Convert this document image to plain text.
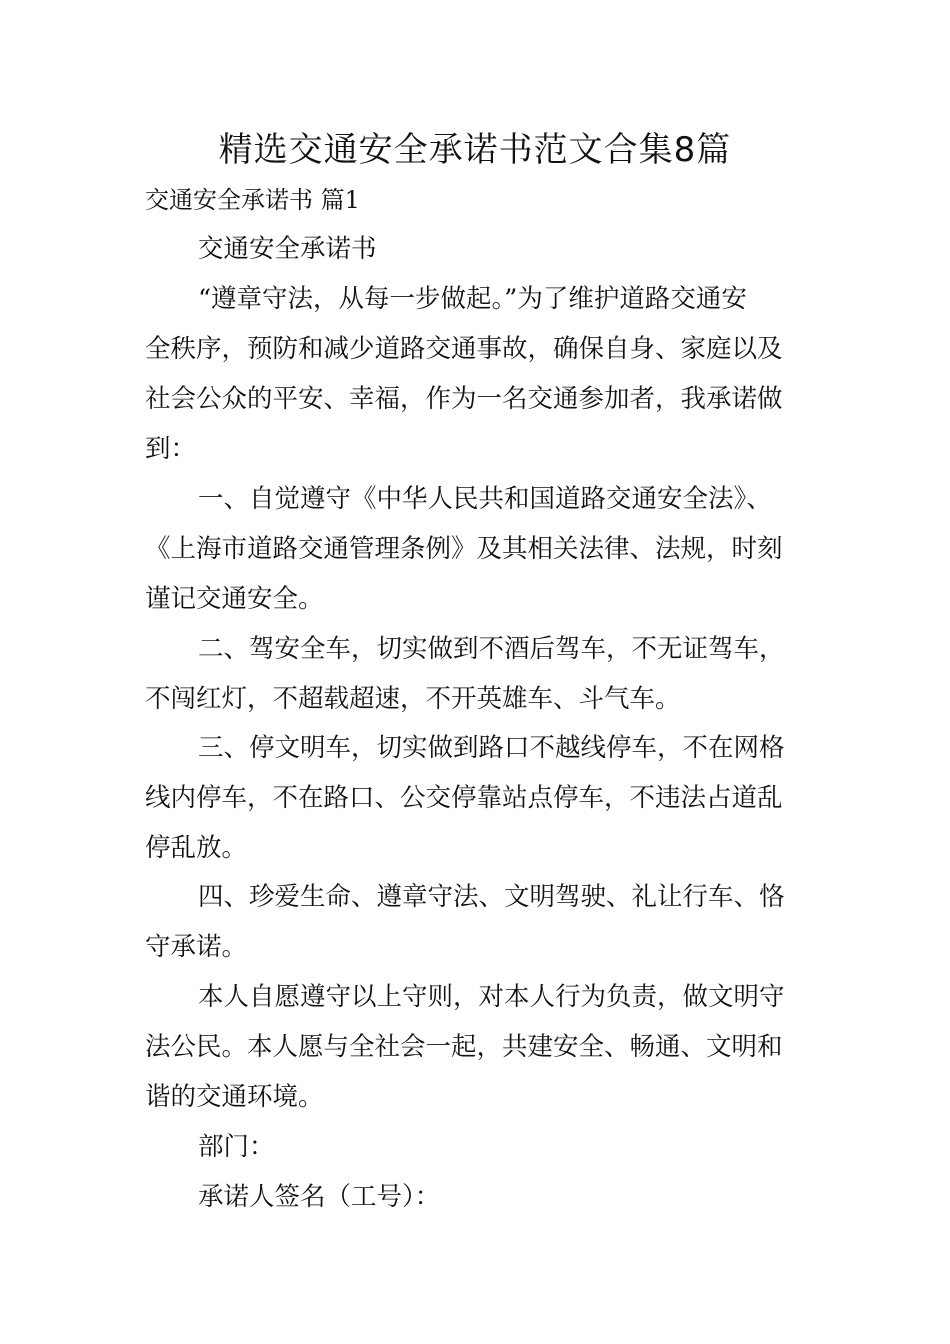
精选交通安全承诺书范文合集8篇

交通安全承诺书 篇1

交通安全承诺书

“遵章守法，从每一步做起。”为了维护道路交通安

全秩序，预防和减少道路交通事故，确保自身、家庭以及

社会公众的平安、幸福，作为一名交通参加者，我承诺做

到：

一、自觉遵守《中华人民共和国道路交通安全法》、

《上海市道路交通管理条例》及其相关法律、法规，时刻

谨记交通安全。

二、驾安全车，切实做到不酒后驾车，不无证驾车，

不闯红灯，不超载超速，不开英雄车、斗气车。

三、停文明车，切实做到路口不越线停车，不在网格

线内停车，不在路口、公交停靠站点停车，不违法占道乱

停乱放。

四、珍爱生命、遵章守法、文明驾驶、礼让行车、恪

守承诺。

本人自愿遵守以上守则，对本人行为负责，做文明守

法公民。本人愿与全社会一起，共建安全、畅通、文明和

谐的交通环境。

部门：

承诺人签名（工号）：
